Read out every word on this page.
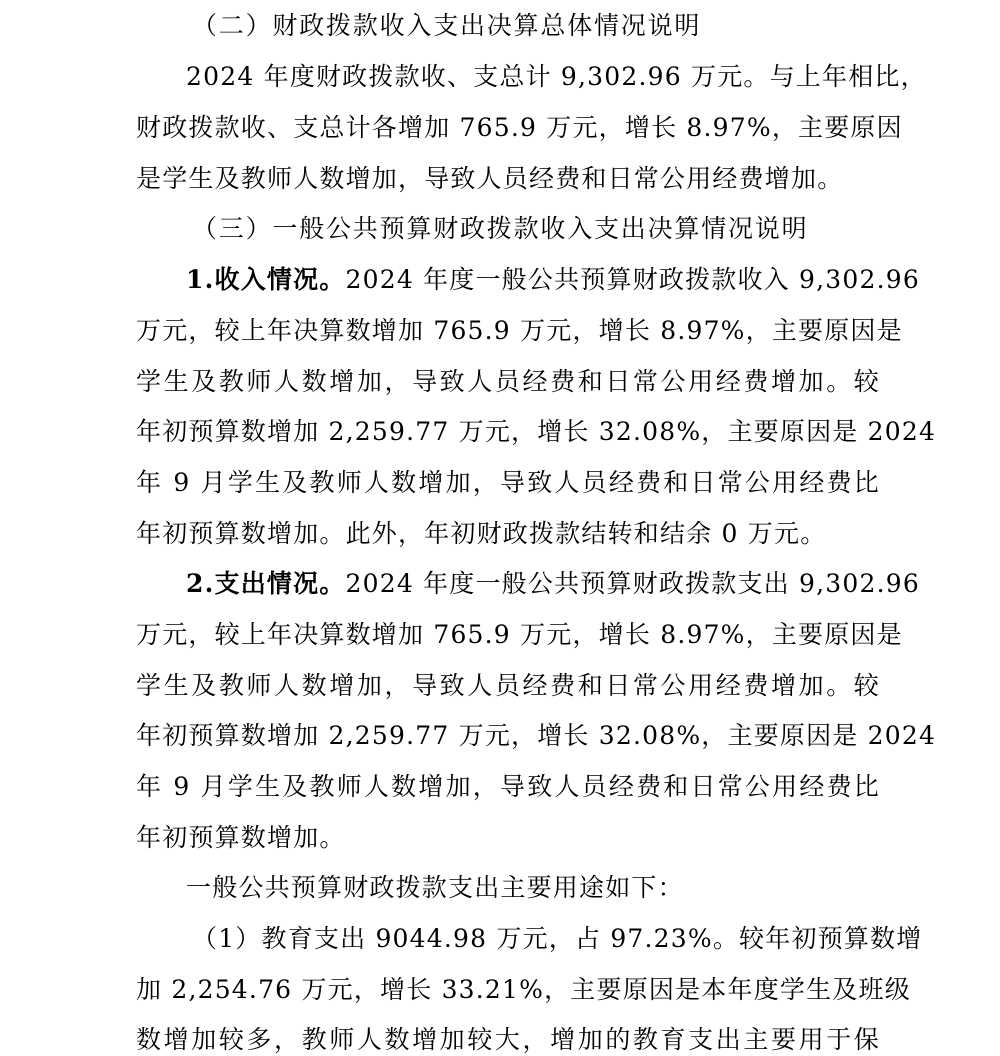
（二）财政拨款收入支出决算总体情况说明
2024 年度财政拨款收、支总计 9,302.96 万元。与上年相比，
财政拨款收、支总计各增加 765.9 万元，增长 8.97%，主要原因
是学生及教师人数增加，导致人员经费和日常公用经费增加。
（三）一般公共预算财政拨款收入支出决算情况说明
1.收入情况。2024 年度一般公共预算财政拨款收入 9,302.96
万元，较上年决算数增加 765.9 万元，增长 8.97%，主要原因是
学生及教师人数增加，导致人员经费和日常公用经费增加。较
年初预算数增加 2,259.77 万元，增长 32.08%，主要原因是 2024
年 9 月学生及教师人数增加，导致人员经费和日常公用经费比
年初预算数增加。此外，年初财政拨款结转和结余 0 万元。
2.支出情况。2024 年度一般公共预算财政拨款支出 9,302.96
万元，较上年决算数增加 765.9 万元，增长 8.97%，主要原因是
学生及教师人数增加，导致人员经费和日常公用经费增加。较
年初预算数增加 2,259.77 万元，增长 32.08%，主要原因是 2024
年 9 月学生及教师人数增加，导致人员经费和日常公用经费比
年初预算数增加。
一般公共预算财政拨款支出主要用途如下：
（1）教育支出 9044.98 万元，占 97.23%。较年初预算数增
加 2,254.76 万元，增长 33.21%，主要原因是本年度学生及班级
数增加较多，教师人数增加较大，增加的教育支出主要用于保
